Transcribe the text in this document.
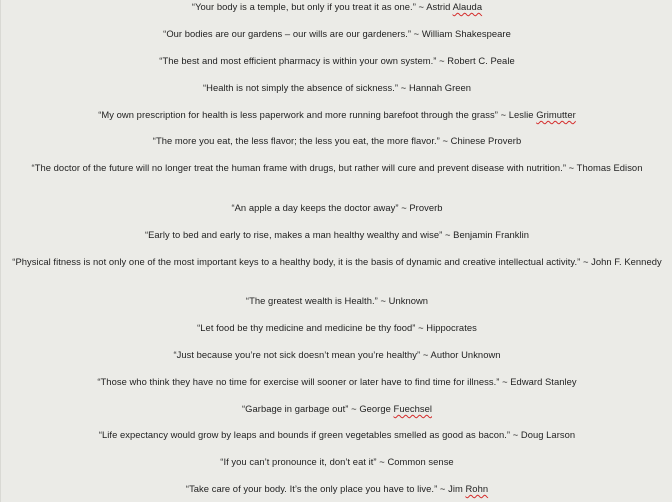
“Your body is a temple, but only if you treat it as one.” ~ Astrid Alauda
“Our bodies are our gardens – our wills are our gardeners.” ~ William Shakespeare
“The best and most efficient pharmacy is within your own system.” ~ Robert C. Peale
“Health is not simply the absence of sickness.” ~ Hannah Green
“My own prescription for health is less paperwork and more running barefoot through the grass” ~ Leslie Grimutter
“The more you eat, the less flavor; the less you eat, the more flavor.” ~ Chinese Proverb
“The doctor of the future will no longer treat the human frame with drugs, but rather will cure and prevent disease with nutrition.” ~ Thomas Edison
“An apple a day keeps the doctor away” ~ Proverb
“Early to bed and early to rise, makes a man healthy wealthy and wise” ~ Benjamin Franklin
“Physical fitness is not only one of the most important keys to a healthy body, it is the basis of dynamic and creative intellectual activity.” ~ John F. Kennedy
“The greatest wealth is Health.” ~ Unknown
“Let food be thy medicine and medicine be thy food” ~ Hippocrates
“Just because you’re not sick doesn’t mean you’re healthy” ~ Author Unknown
“Those who think they have no time for exercise will sooner or later have to find time for illness.” ~ Edward Stanley
“Garbage in garbage out” ~ George Fuechsel
“Life expectancy would grow by leaps and bounds if green vegetables smelled as good as bacon.” ~ Doug Larson
“If you can’t pronounce it, don’t eat it” ~ Common sense
“Take care of your body. It’s the only place you have to live.” ~ Jim Rohn
